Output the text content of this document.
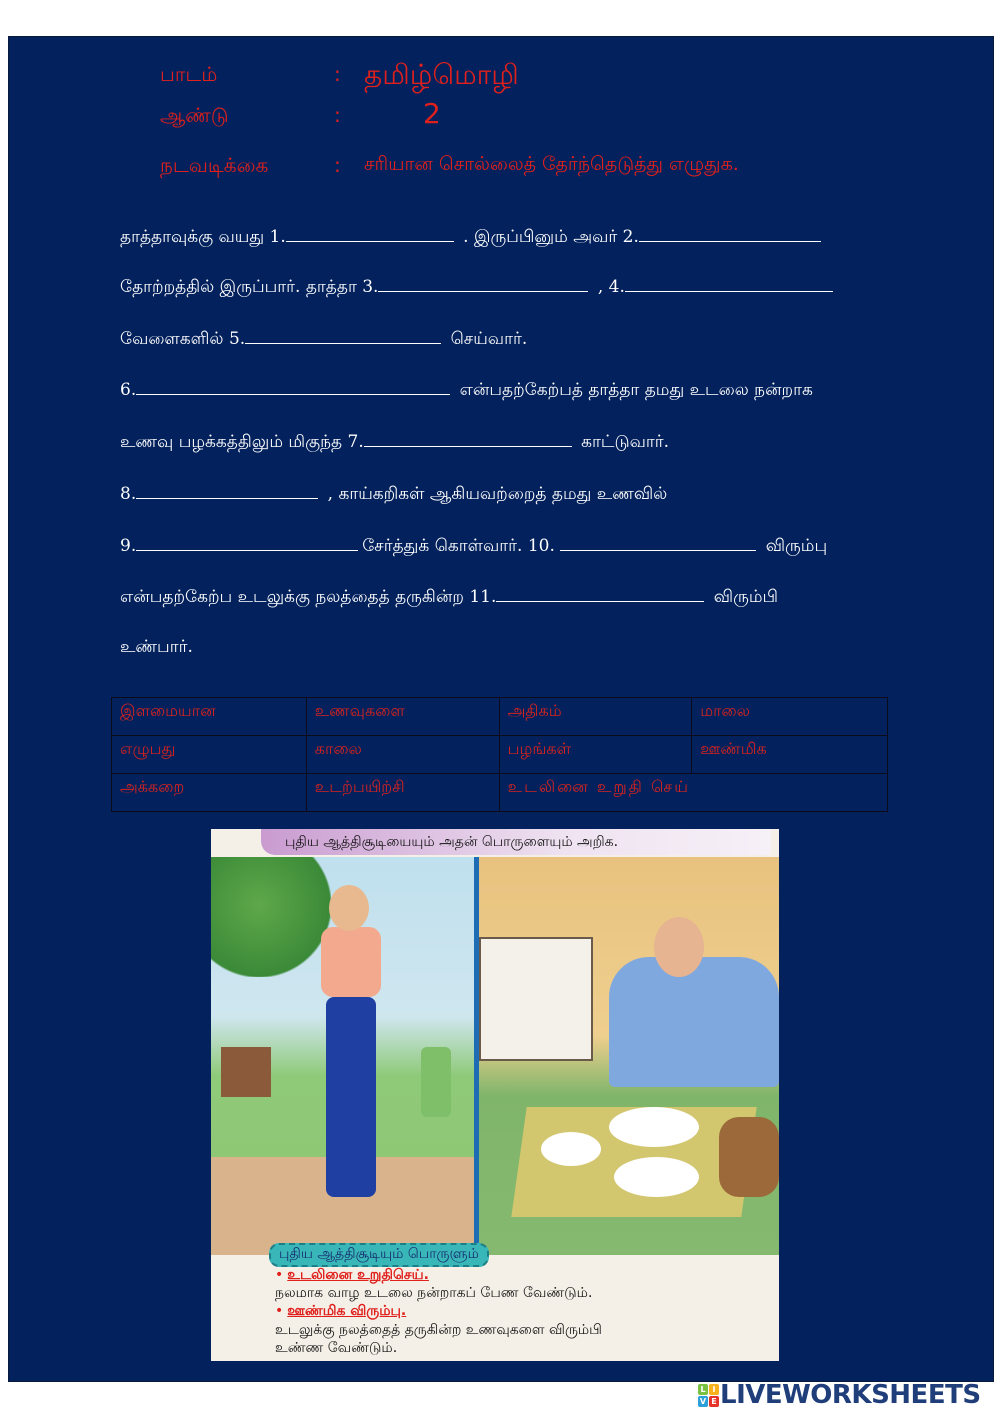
பாடம்	: தமிழ்மொழி
ஆண்டு	:	2
நடவடிக்கை	: சரியான சொல்லைத் தேர்ந்தெடுத்து எழுதுக.
தாத்தாவுக்கு வயது 1.	. இருப்பினும் அவர் 2.
தோற்றத்தில் இருப்பார். தாத்தா 3.	, 4.
வேளைகளில் 5.	செய்வார்.
6.	என்பதற்கேற்பத் தாத்தா தமது உடலை நன்றாக
உணவு பழக்கத்திலும் மிகுந்த 7.	காட்டுவார்.
8.	, காய்கறிகள் ஆகியவற்றைத் தமது உணவில்
9.	சேர்த்துக் கொள்வார். 10.	விரும்பு
என்பதற்கேற்ப உடலுக்கு நலத்தைத் தருகின்ற 11.	விரும்பி
உண்பார்.
இளமையான	உணவுகளை	அதிகம்	மாலை
எழுபது	காலை	பழங்கள்	ஊண்மிக
அக்கறை	உடற்பயிற்சி	உடலினை உறுதி செய்	
புதிய ஆத்திசூடியையும் அதன் பொருளையும் அறிக.
புதிய ஆத்திசூடியும் பொருளும்
• உடலினை உறுதிசெய்.
நலமாக வாழ உடலை நன்றாகப் பேண வேண்டும்.
• ஊண்மிக விரும்பு.
உடலுக்கு நலத்தைத் தருகின்ற உணவுகளை விரும்பி
உண்ண வேண்டும்.
L I
V E LIVEWORKSHEETS
